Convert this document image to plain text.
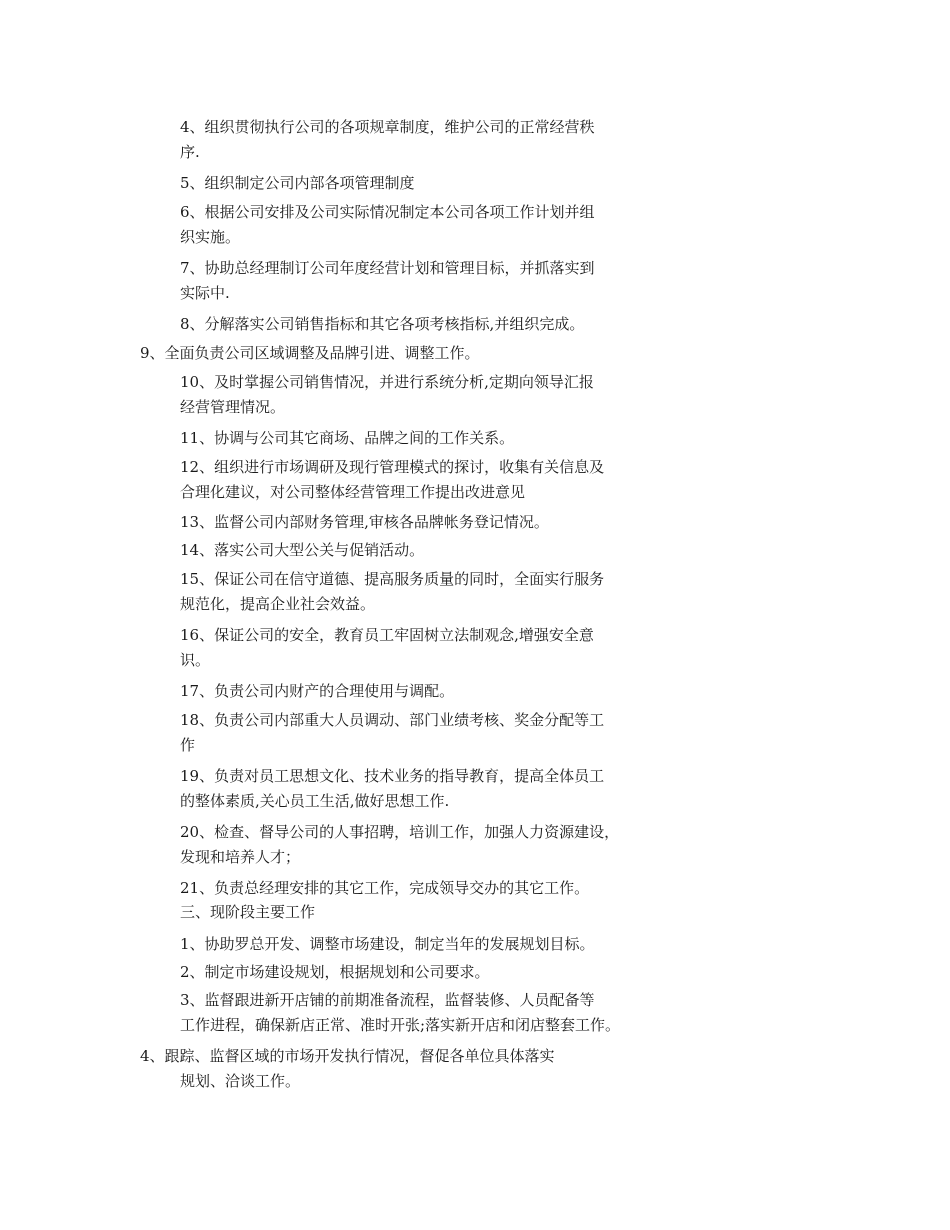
4、组织贯彻执行公司的各项规章制度，维护公司的正常经营秩
序.
5、组织制定公司内部各项管理制度
6、根据公司安排及公司实际情况制定本公司各项工作计划并组
织实施。
7、协助总经理制订公司年度经营计划和管理目标，并抓落实到
实际中.
8、分解落实公司销售指标和其它各项考核指标,并组织完成。
9、全面负责公司区域调整及品牌引进、调整工作。
10、及时掌握公司销售情况，并进行系统分析,定期向领导汇报
经营管理情况。
11、协调与公司其它商场、品牌之间的工作关系。
12、组织进行市场调研及现行管理模式的探讨，收集有关信息及
合理化建议，对公司整体经营管理工作提出改进意见
13、监督公司内部财务管理,审核各品牌帐务登记情况。
14、落实公司大型公关与促销活动。
15、保证公司在信守道德、提高服务质量的同时，全面实行服务
规范化，提高企业社会效益。
16、保证公司的安全，教育员工牢固树立法制观念,增强安全意
识。
17、负责公司内财产的合理使用与调配。
18、负责公司内部重大人员调动、部门业绩考核、奖金分配等工
作
19、负责对员工思想文化、技术业务的指导教育，提高全体员工
的整体素质,关心员工生活,做好思想工作.
20、检查、督导公司的人事招聘，培训工作，加强人力资源建设，
发现和培养人才；
21、负责总经理安排的其它工作，完成领导交办的其它工作。
三、现阶段主要工作
1、协助罗总开发、调整市场建设，制定当年的发展规划目标。
2、制定市场建设规划，根据规划和公司要求。
3、监督跟进新开店铺的前期准备流程，监督装修、人员配备等
工作进程，确保新店正常、准时开张;落实新开店和闭店整套工作。
4、跟踪、监督区域的市场开发执行情况，督促各单位具体落实
规划、洽谈工作。
